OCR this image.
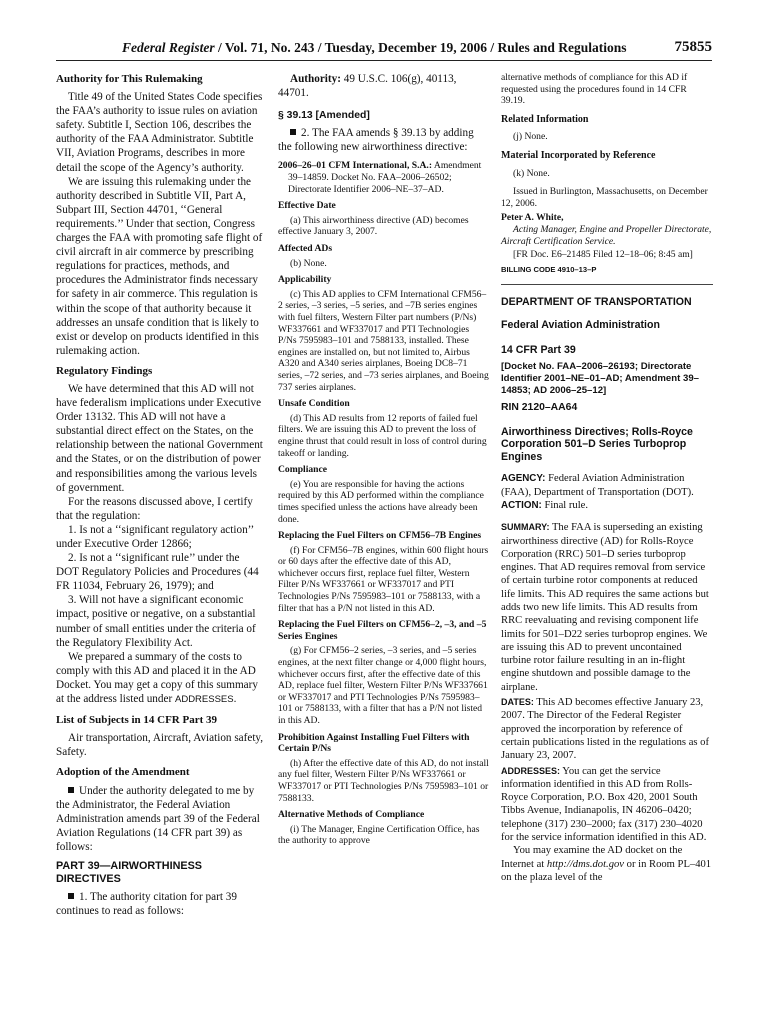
Federal Register / Vol. 71, No. 243 / Tuesday, December 19, 2006 / Rules and Regulations	75855

Authority for This Rulemaking

Title 49 of the United States Code specifies the FAA’s authority to issue rules on aviation safety. Subtitle I, Section 106, describes the authority of the FAA Administrator. Subtitle VII, Aviation Programs, describes in more detail the scope of the Agency’s authority.

We are issuing this rulemaking under the authority described in Subtitle VII, Part A, Subpart III, Section 44701, ‘‘General requirements.’’ Under that section, Congress charges the FAA with promoting safe flight of civil aircraft in air commerce by prescribing regulations for practices, methods, and procedures the Administrator finds necessary for safety in air commerce. This regulation is within the scope of that authority because it addresses an unsafe condition that is likely to exist or develop on products identified in this rulemaking action.

Regulatory Findings

We have determined that this AD will not have federalism implications under Executive Order 13132. This AD will not have a substantial direct effect on the States, on the relationship between the national Government and the States, or on the distribution of power and responsibilities among the various levels of government.

For the reasons discussed above, I certify that the regulation:

1. Is not a ‘‘significant regulatory action’’ under Executive Order 12866;

2. Is not a ‘‘significant rule’’ under the DOT Regulatory Policies and Procedures (44 FR 11034, February 26, 1979); and

3. Will not have a significant economic impact, positive or negative, on a substantial number of small entities under the criteria of the Regulatory Flexibility Act.

We prepared a summary of the costs to comply with this AD and placed it in the AD Docket. You may get a copy of this summary at the address listed under ADDRESSES.

List of Subjects in 14 CFR Part 39

Air transportation, Aircraft, Aviation safety, Safety.

Adoption of the Amendment

Under the authority delegated to me by the Administrator, the Federal Aviation Administration amends part 39 of the Federal Aviation Regulations (14 CFR part 39) as follows:

PART 39—AIRWORTHINESS DIRECTIVES

1. The authority citation for part 39 continues to read as follows:

Authority: 49 U.S.C. 106(g), 40113, 44701.

§ 39.13 [Amended]

2. The FAA amends § 39.13 by adding the following new airworthiness directive:

2006–26–01 CFM International, S.A.: Amendment 39–14859. Docket No. FAA–2006–26502; Directorate Identifier 2006–NE–37–AD.

Effective Date

(a) This airworthiness directive (AD) becomes effective January 3, 2007.

Affected ADs

(b) None.

Applicability

(c) This AD applies to CFM International CFM56–2 series, –3 series, –5 series, and –7B series engines with fuel filters, Western Filter part numbers (P/Ns) WF337661 and WF337017 and PTI Technologies P/Ns 7595983–101 and 7588133, installed. These engines are installed on, but not limited to, Airbus A320 and A340 series airplanes, Boeing DC8–71 series, –72 series, and –73 series airplanes, and Boeing 737 series airplanes.

Unsafe Condition

(d) This AD results from 12 reports of failed fuel filters. We are issuing this AD to prevent the loss of engine thrust that could result in loss of control during takeoff or landing.

Compliance

(e) You are responsible for having the actions required by this AD performed within the compliance times specified unless the actions have already been done.

Replacing the Fuel Filters on CFM56–7B Engines

(f) For CFM56–7B engines, within 600 flight hours or 60 days after the effective date of this AD, whichever occurs first, replace fuel filter, Western Filter P/Ns WF337661 or WF337017 and PTI Technologies P/Ns 7595983–101 or 7588133, with a filter that has a P/N not listed in this AD.

Replacing the Fuel Filters on CFM56–2, –3, and –5 Series Engines

(g) For CFM56–2 series, –3 series, and –5 series engines, at the next filter change or 4,000 flight hours, whichever occurs first, after the effective date of this AD, replace fuel filter, Western Filter P/Ns WF337661 or WF337017 and PTI Technologies P/Ns 7595983–101 or 7588133, with a filter that has a P/N not listed in this AD.

Prohibition Against Installing Fuel Filters with Certain P/Ns

(h) After the effective date of this AD, do not install any fuel filter, Western Filter P/Ns WF337661 or WF337017 or PTI Technologies P/Ns 7595983–101 or 7588133.

Alternative Methods of Compliance

(i) The Manager, Engine Certification Office, has the authority to approve

alternative methods of compliance for this AD if requested using the procedures found in 14 CFR 39.19.

Related Information

(j) None.

Material Incorporated by Reference

(k) None.

Issued in Burlington, Massachusetts, on December 12, 2006.

Peter A. White,

Acting Manager, Engine and Propeller Directorate, Aircraft Certification Service.

[FR Doc. E6–21485 Filed 12–18–06; 8:45 am]

BILLING CODE 4910–13–P

DEPARTMENT OF TRANSPORTATION

Federal Aviation Administration

14 CFR Part 39

[Docket No. FAA–2006–26193; Directorate Identifier 2001–NE–01–AD; Amendment 39–14853; AD 2006–25–12]

RIN 2120–AA64

Airworthiness Directives; Rolls-Royce Corporation 501–D Series Turboprop Engines

AGENCY: Federal Aviation Administration (FAA), Department of Transportation (DOT).

ACTION: Final rule.

SUMMARY: The FAA is superseding an existing airworthiness directive (AD) for Rolls-Royce Corporation (RRC) 501–D series turboprop engines. That AD requires removal from service of certain turbine rotor components at reduced life limits. This AD requires the same actions but adds two new life limits. This AD results from RRC reevaluating and revising component life limits for 501–D22 series turboprop engines. We are issuing this AD to prevent uncontained turbine rotor failure resulting in an in-flight engine shutdown and possible damage to the airplane.

DATES: This AD becomes effective January 23, 2007. The Director of the Federal Register approved the incorporation by reference of certain publications listed in the regulations as of January 23, 2007.

ADDRESSES: You can get the service information identified in this AD from Rolls-Royce Corporation, P.O. Box 420, 2001 South Tibbs Avenue, Indianapolis, IN 46206–0420; telephone (317) 230–2000; fax (317) 230–4020 for the service information identified in this AD.

You may examine the AD docket on the Internet at http://dms.dot.gov or in Room PL–401 on the plaza level of the
